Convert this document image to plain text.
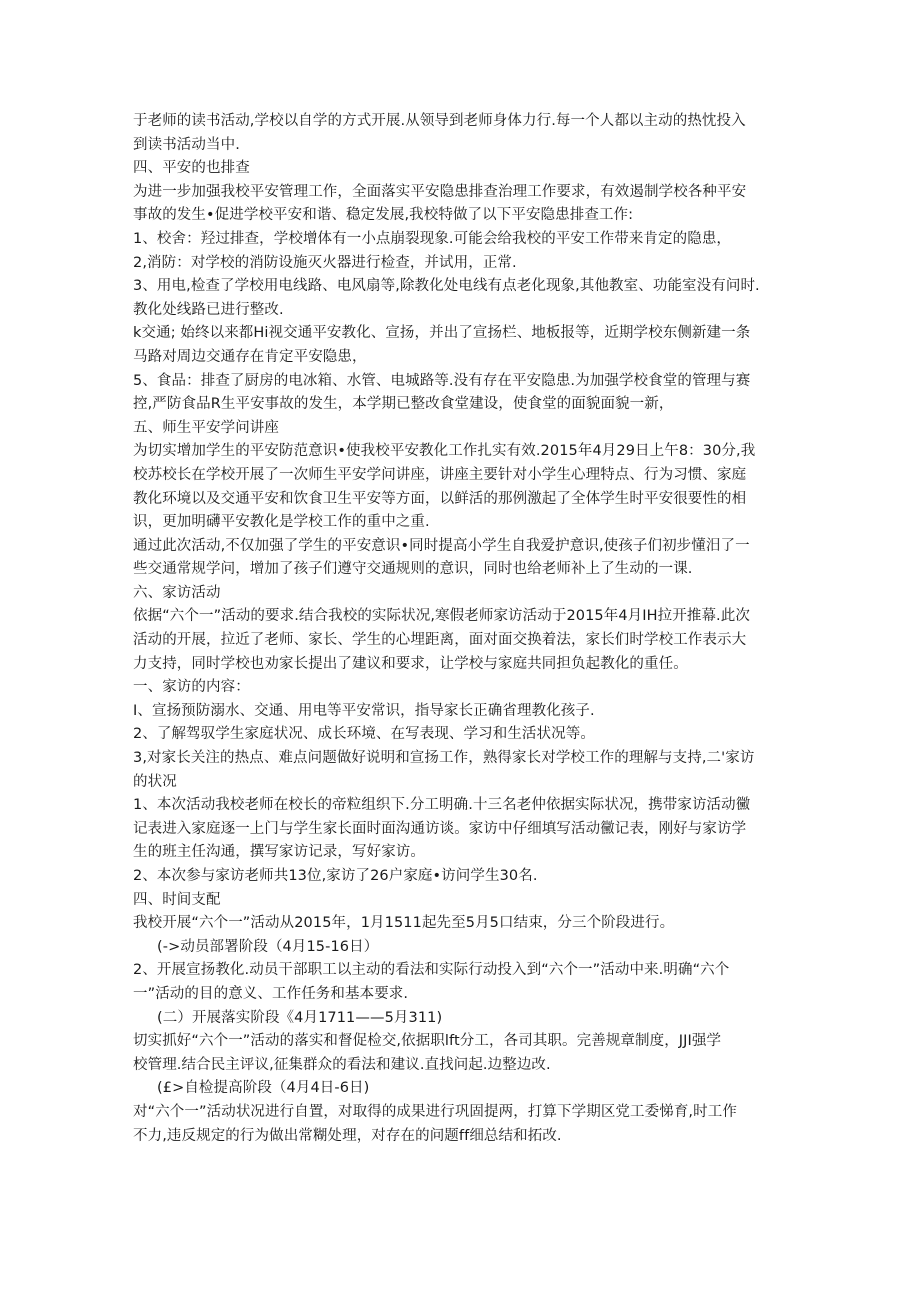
于老师的读书活动,学校以自学的方式开展.从领导到老师身体力行.每一个人都以主动的热忱投入
到读书活动当中.
四、平安的也排查
为进一步加强我校平安管理工作，全面落实平安隐患排查治理工作要求，有效遏制学校各种平安
事故的发生•促进学校平安和谐、稳定发展,我校特做了以下平安隐患排查工作:
1、校舍：羟过排查，学校增体有一小点崩裂现象.可能会给我校的平安工作带来肯定的隐患，
2,消防：对学校的消防设施灭火器进行检查，并试用，正常.
3、用电,检查了学校用电线路、电风扇等,除教化处电线有点老化现象,其他教室、功能室没有问时.
教化处线路已进行整改.
k交通; 始终以来都Hi视交通平安教化、宣扬，并出了宣扬栏、地板报等，近期学校东侧新建一条
马路对周边交通存在肯定平安隐患，
5、食品：排查了厨房的电冰箱、水管、电城路等.没有存在平安隐患.为加强学校食堂的管理与赛
控,严防食品R生平安事故的发生，本学期已整改食堂建设，使食堂的面貌面貌一新，
五、师生平安学问讲座
为切实增加学生的平安防范意识•使我校平安教化工作扎实有效.2015年4月29日上午8：30分,我
校苏校长在学校开展了一次师生平安学问讲座，讲座主要针对小学生心理特点、行为习惯、家庭
教化环境以及交通平安和饮食卫生平安等方面，以鲜活的那例激起了全体学生时平安很要性的相
识，更加明礴平安教化是学校工作的重中之重.
通过此次活动,不仅加强了学生的平安意识•同时提高小学生自我爱护意识,使孩子们初步懂汨了一
些交通常规学问，增加了孩子们遵守交通规则的意识，同时也给老师补上了生动的一课.
六、家访活动
依据“六个一”活动的要求.结合我校的实际状况,寒假老师家访活动于2015年4月IH拉开推幕.此次
活动的开展，拉近了老师、家长、学生的心埋距离，面对面交换着法，家长们时学校工作表示大
力支持，同时学校也劝家长提出了建议和要求，让学校与家庭共同担负起教化的重任。
一、家访的内容：
I、宣扬预防溺水、交通、用电等平安常识，指导家长正确省理教化孩子.
2、了解驾驭学生家庭状况、成长环境、在写表现、学习和生活状况等。
3,对家长关注的热点、难点问题做好说明和宣扬工作，熟得家长对学校工作的理解与支持,二'家访
的状况
1、本次活动我校老师在校长的帝粒组织下.分工明确.十三名老仲依据实际状况，携带家访活动黴
记表进入家庭逐一上门与学生家长面时面沟通访谈。家访中仔细填写活动黴记表，刚好与家访学
生的班主任沟通，撰写家访记录，写好家访。
2、本次参与家访老师共13位,家访了26户家庭•访问学生30名.
四、时间支配
我校开展“六个一”活动从2015年，1月1511起先至5月5口结束，分三个阶段进行。
(->动员部署阶段（4月15-16日）
2、开展宣扬教化.动员干部职工以主动的看法和实际行动投入到“六个一”活动中来.明确“六个
一”活动的目的意义、工作任务和基本要求.
(二）开展落实阶段《4月1711——5月311)
切实抓好“六个一”活动的落实和督促检交,依据职lft分工，各司其职。完善规章制度，JJI强学
校管理.结合民主评议,征集群众的看法和建议.直找问起.边整边改.
(£>自检提高阶段（4月4日-6日)
对“六个一”活动状况进行自置，对取得的成果进行巩固提两，打算下学期区党工委悌育,时工作
不力,违反规定的行为做出常糊处理，对存在的问题ff细总结和拓改.
